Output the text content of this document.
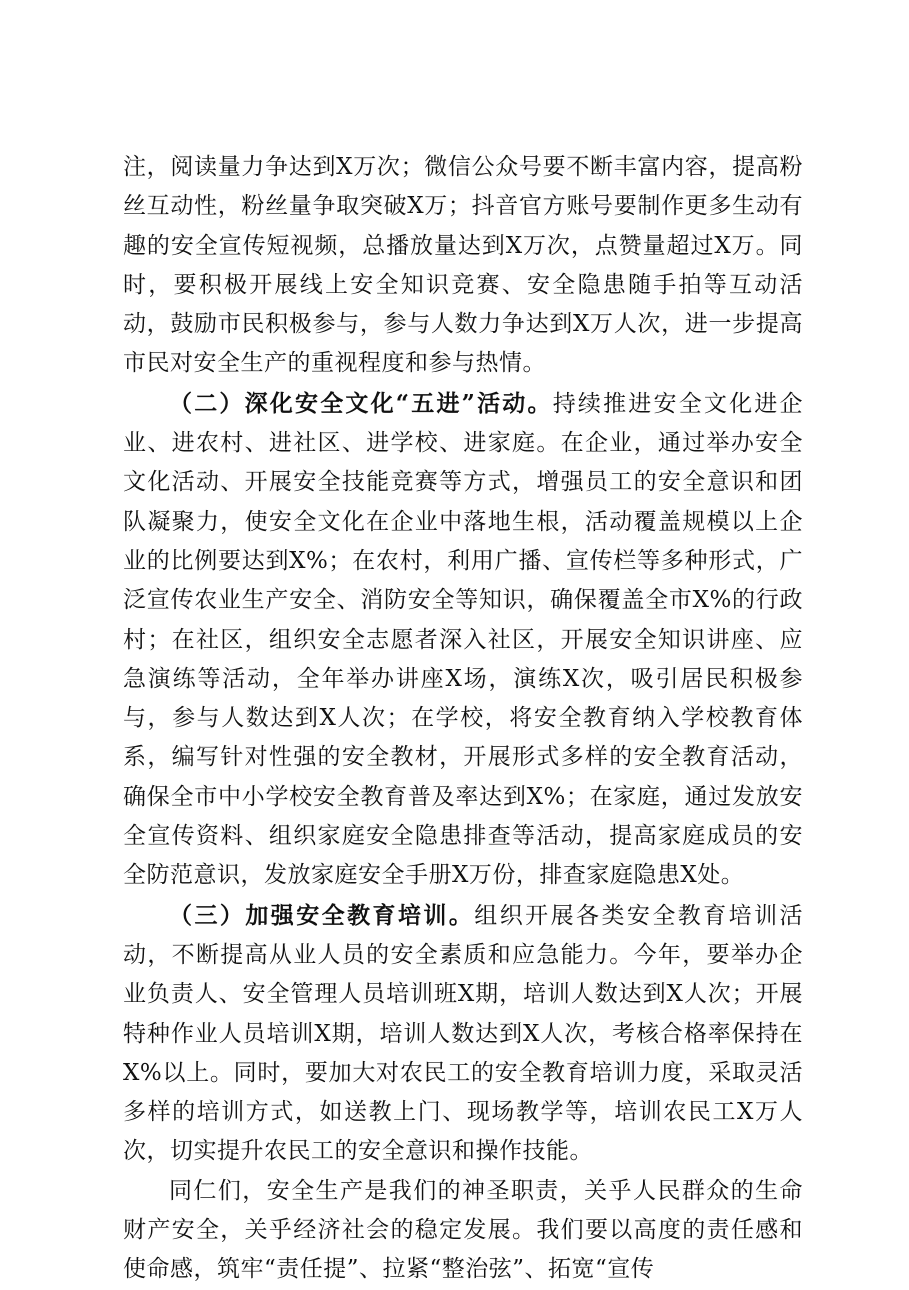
注，阅读量力争达到X万次；微信公众号要不断丰富内容，提高粉丝互动性，粉丝量争取突破X万；抖音官方账号要制作更多生动有趣的安全宣传短视频，总播放量达到X万次，点赞量超过X万。同时，要积极开展线上安全知识竞赛、安全隐患随手拍等互动活动，鼓励市民积极参与，参与人数力争达到X万人次，进一步提高市民对安全生产的重视程度和参与热情。

（二）深化安全文化“五进”活动。持续推进安全文化进企业、进农村、进社区、进学校、进家庭。在企业，通过举办安全文化活动、开展安全技能竞赛等方式，增强员工的安全意识和团队凝聚力，使安全文化在企业中落地生根，活动覆盖规模以上企业的比例要达到X%；在农村，利用广播、宣传栏等多种形式，广泛宣传农业生产安全、消防安全等知识，确保覆盖全市X%的行政村；在社区，组织安全志愿者深入社区，开展安全知识讲座、应急演练等活动，全年举办讲座X场，演练X次，吸引居民积极参与，参与人数达到X人次；在学校，将安全教育纳入学校教育体系，编写针对性强的安全教材，开展形式多样的安全教育活动，确保全市中小学校安全教育普及率达到X%；在家庭，通过发放安全宣传资料、组织家庭安全隐患排查等活动，提高家庭成员的安全防范意识，发放家庭安全手册X万份，排查家庭隐患X处。

（三）加强安全教育培训。组织开展各类安全教育培训活动，不断提高从业人员的安全素质和应急能力。今年，要举办企业负责人、安全管理人员培训班X期，培训人数达到X人次；开展特种作业人员培训X期，培训人数达到X人次，考核合格率保持在X%以上。同时，要加大对农民工的安全教育培训力度，采取灵活多样的培训方式，如送教上门、现场教学等，培训农民工X万人次，切实提升农民工的安全意识和操作技能。

同仁们，安全生产是我们的神圣职责，关乎人民群众的生命财产安全，关乎经济社会的稳定发展。我们要以高度的责任感和使命感，筑牢“责任提”、拉紧“整治弦”、拓宽“宣传
